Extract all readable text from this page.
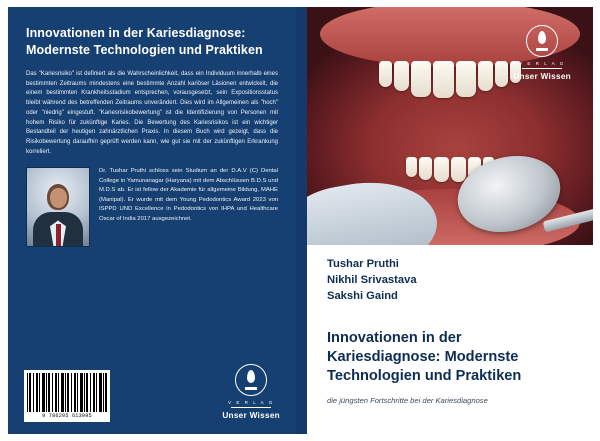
Innovationen in der Kariesdiagnose: Modernste Technologien und Praktiken
Das "Kariesrisiko" ist definiert als die Wahrscheinlichkeit, dass ein Individuum innerhalb eines bestimmten Zeitraums mindestens eine bestimmte Anzahl kariöser Läsionen entwickelt, die einem bestimmten Krankheitsstadium entsprechen, vorausgesetzt, sein Expositionsstatus bleibt während des betreffenden Zeitraums unverändert. Dies wird im Allgemeinen als "hoch" oder "niedrig" eingestuft. "Kariesrisikobewertung" ist die Identifizierung von Personen mit hohem Risiko für zukünftige Karies. Die Bewertung des Kariesrisikos ist ein wichtiger Bestandteil der heutigen zahnärztlichen Praxis. In diesem Buch wird gezeigt, dass die Risikobewertung daraufhin geprüft werden kann, wie gut sie mit der zukünftigen Erkrankung korreliert.
Dr. Tushar Pruthi schloss sein Studium an der D.A.V (C) Dental College in Yamunanagar (Haryana) mit dem Abschlüssen B.D.S und M.D.S ab. Er ist fellow der Akademie für allgemeine Bildung, MAHE (Manipal). Er wurde mit dem Young Pedodontics Award 2023 von ISPPD UND Excellence in Pedodontics von IHPA und Healthcare Oscar of India 2017 ausgezeichnet.
9 786205 613995
V E R L A G
Unser Wissen
V E R L A G
Unser Wissen
Tushar Pruthi
Nikhil Srivastava
Sakshi Gaind
Innovationen in der Kariesdiagnose: Modernste Technologien und Praktiken
die jüngsten Fortschritte bei der Kariesdiagnose
